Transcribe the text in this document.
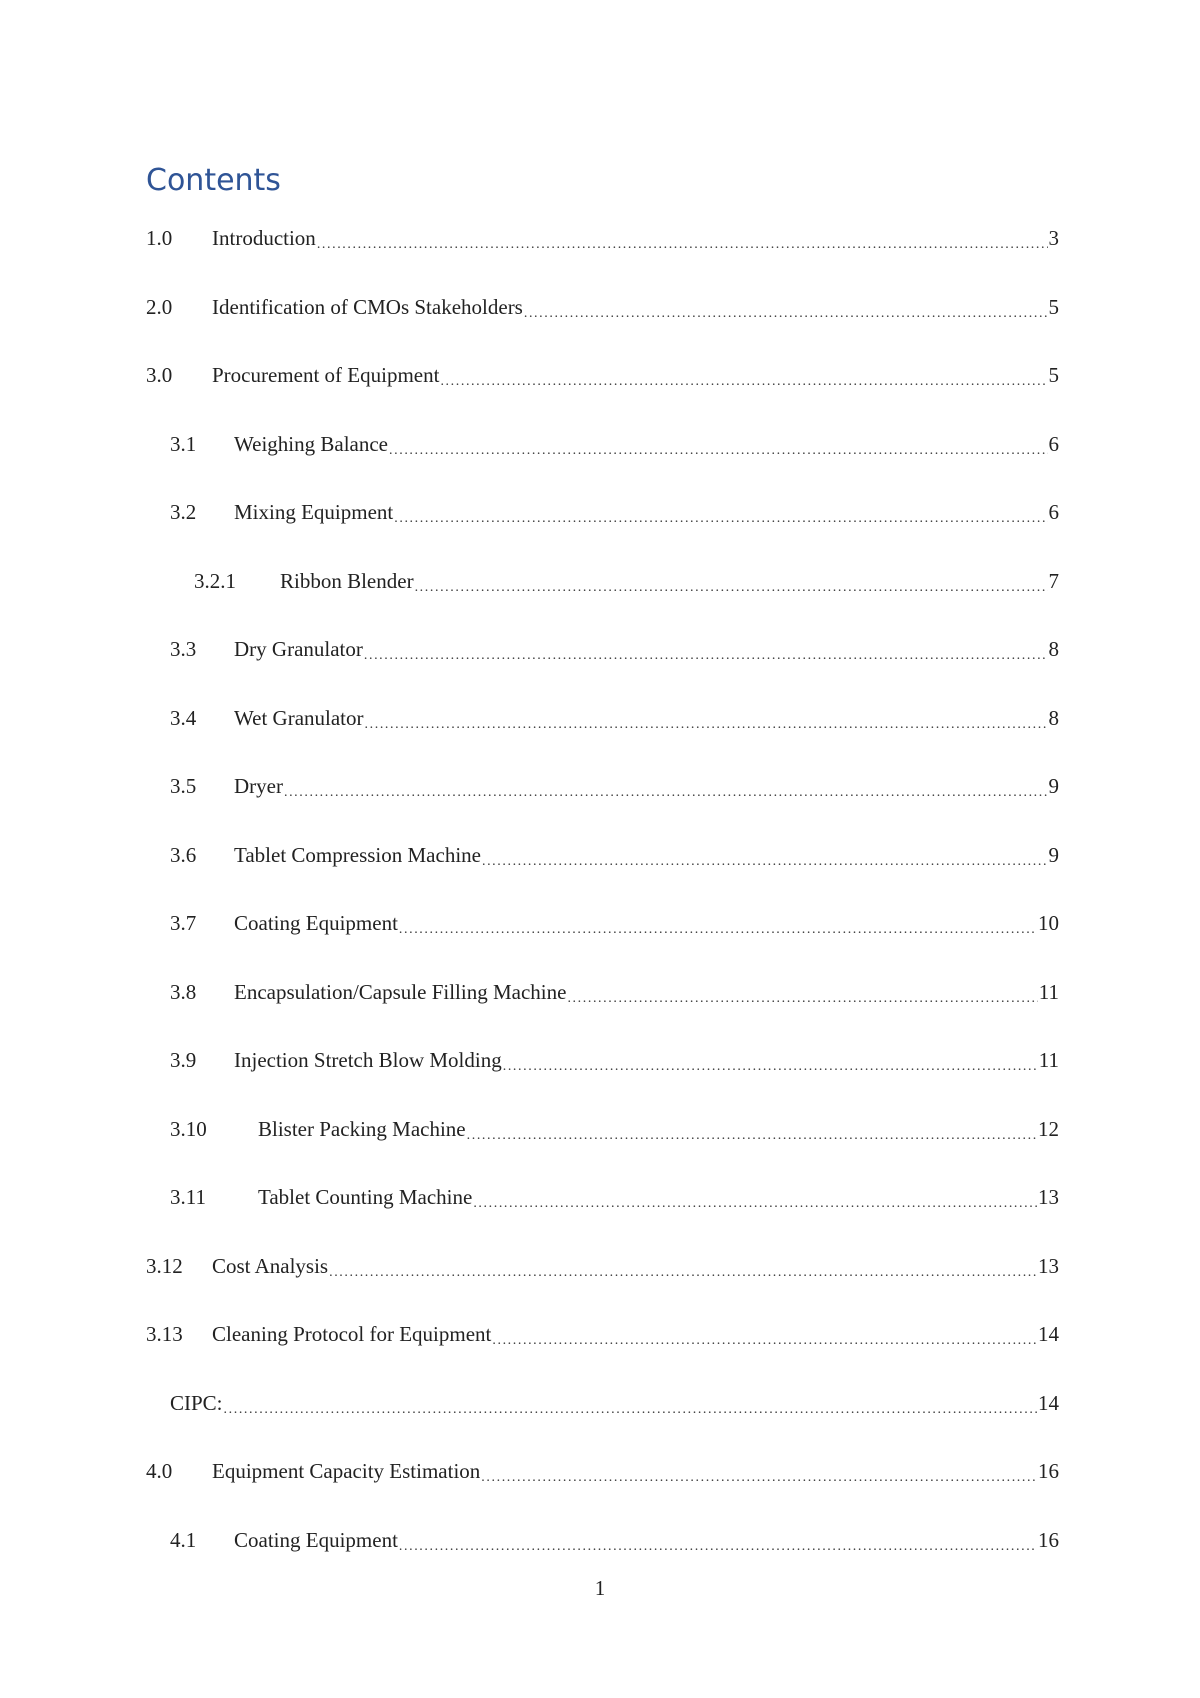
Contents
1.0	Introduction .....	3
2.0	Identification of CMOs Stakeholders .....	5
3.0	Procurement of Equipment .....	5
3.1	Weighing Balance .....	6
3.2	Mixing Equipment .....	6
3.2.1	Ribbon Blender .....	7
3.3	Dry Granulator .....	8
3.4	Wet Granulator .....	8
3.5	Dryer .....	9
3.6	Tablet Compression Machine .....	9
3.7	Coating Equipment .....	10
3.8	Encapsulation/Capsule Filling Machine .....	11
3.9	Injection Stretch Blow Molding .....	11
3.10	Blister Packing Machine .....	12
3.11	Tablet Counting Machine .....	13
3.12	Cost Analysis .....	13
3.13	Cleaning Protocol for Equipment .....	14
CIPC: .....	14
4.0	Equipment Capacity Estimation .....	16
4.1	Coating Equipment .....	16
1
